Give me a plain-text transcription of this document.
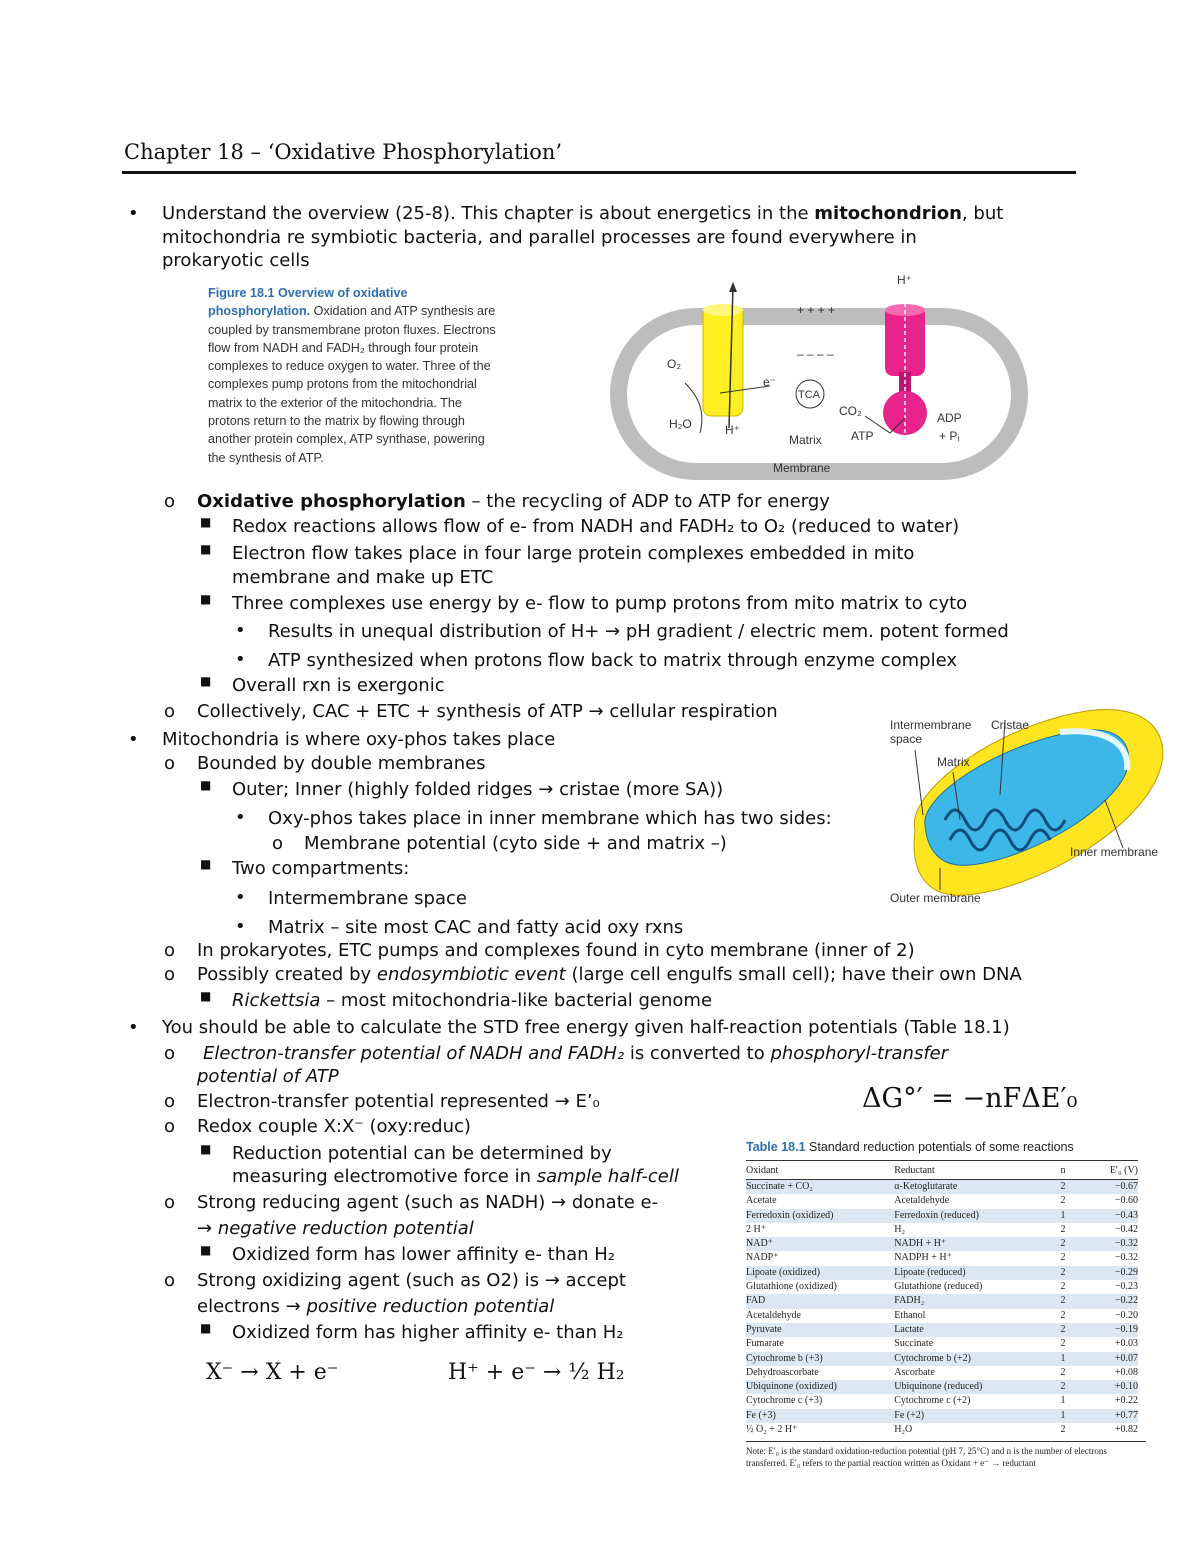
Chapter 18 – ‘Oxidative Phosphorylation’
• Understand the overview (25-8). This chapter is about energetics in the mitochondrion, but
mitochondria re symbiotic bacteria, and parallel processes are found everywhere in
prokaryotic cells
Figure 18.1 Overview of oxidative phosphorylation. Oxidation and ATP synthesis are coupled by transmembrane proton fluxes. Electrons flow from NADH and FADH₂ through four protein complexes to reduce oxygen to water. Three of the complexes pump protons from the mitochondrial matrix to the exterior of the mitochondria. The protons return to the matrix by flowing through another protein complex, ATP synthase, powering the synthesis of ATP.
H⁺
+ + + +
– – – –
O₂
e⁻
TCA
CO₂
H₂O	H⁺
Matrix ATP
ADP
+ Pᵢ
Membrane
o Oxidative phosphorylation – the recycling of ADP to ATP for energy
■ Redox reactions allows flow of e- from NADH and FADH₂ to O₂ (reduced to water)
■ Electron flow takes place in four large protein complexes embedded in mito
membrane and make up ETC
■ Three complexes use energy by e- flow to pump protons from mito matrix to cyto
• Results in unequal distribution of H+ → pH gradient / electric mem. potent formed
• ATP synthesized when protons flow back to matrix through enzyme complex
■ Overall rxn is exergonic
o Collectively, CAC + ETC + synthesis of ATP → cellular respiration
• Mitochondria is where oxy-phos takes place
o Bounded by double membranes
■ Outer; Inner (highly folded ridges → cristae (more SA))
• Oxy-phos takes place in inner membrane which has two sides:
o Membrane potential (cyto side + and matrix –)
■ Two compartments:
• Intermembrane space
• Matrix – site most CAC and fatty acid oxy rxns
o In prokaryotes, ETC pumps and complexes found in cyto membrane (inner of 2)
o Possibly created by endosymbiotic event (large cell engulfs small cell); have their own DNA
■ Rickettsia – most mitochondria-like bacterial genome
Intermembrane
space
Cristae
Matrix
Inner membrane
Outer membrane
• You should be able to calculate the STD free energy given half-reaction potentials (Table 18.1)
o Electron-transfer potential of NADH and FADH₂ is converted to phosphoryl-transfer
potential of ATP
o Electron-transfer potential represented → E’₀
o Redox couple X:X⁻ (oxy:reduc)
■ Reduction potential can be determined by
measuring electromotive force in sample half-cell
o Strong reducing agent (such as NADH) → donate e-
→ negative reduction potential
■ Oxidized form has lower affinity e- than H₂
o Strong oxidizing agent (such as O2) is → accept
electrons → positive reduction potential
■ Oxidized form has higher affinity e- than H₂
ΔG°′ = −nFΔE′₀
X⁻ → X + e⁻	H⁺ + e⁻ → ½ H₂
Table 18.1 Standard reduction potentials of some reactions
Oxidant	Reductant	n	E′₀ (V)
Succinate + CO₂	α-Ketoglutarate	2	−0.67
Acetate	Acetaldehyde	2	−0.60
Ferredoxin (oxidized)	Ferredoxin (reduced)	1	−0.43
2 H⁺	H₂	2	−0.42
NAD⁺	NADH + H⁺	2	−0.32
NADP⁺	NADPH + H⁺	2	−0.32
Lipoate (oxidized)	Lipoate (reduced)	2	−0.29
Glutathione (oxidized)	Glutathione (reduced)	2	−0.23
FAD	FADH₂	2	−0.22
Acetaldehyde	Ethanol	2	−0.20
Pyruvate	Lactate	2	−0.19
Fumarate	Succinate	2	+0.03
Cytochrome b (+3)	Cytochrome b (+2)	1	+0.07
Dehydroascorbate	Ascorbate	2	+0.08
Ubiquinone (oxidized)	Ubiquinone (reduced)	2	+0.10
Cytochrome c (+3)	Cytochrome c (+2)	1	+0.22
Fe (+3)	Fe (+2)	1	+0.77
½ O₂ + 2 H⁺	H₂O	2	+0.82
Note: E′₀ is the standard oxidation-reduction potential (pH 7, 25°C) and n is the number of electrons transferred. E′₀ refers to the partial reaction written as Oxidant + e⁻ → reductant
